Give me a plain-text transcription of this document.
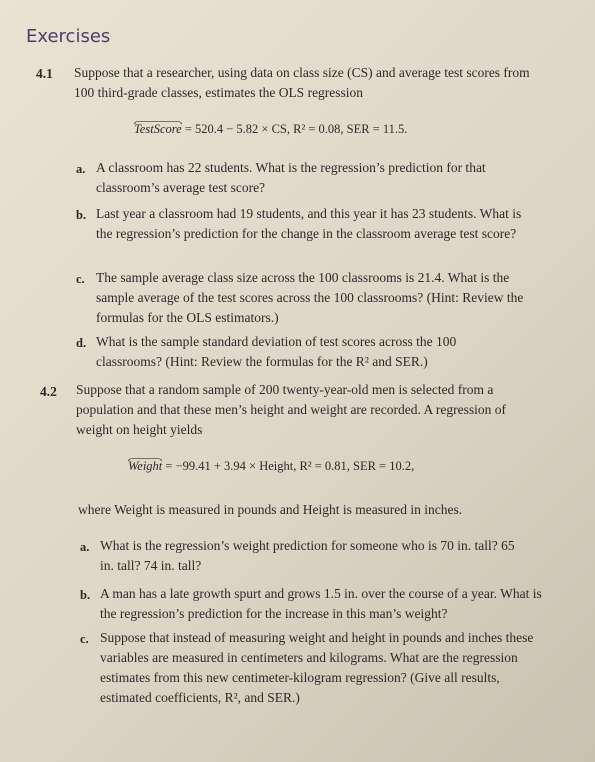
Exercises
4.1 Suppose that a researcher, using data on class size (CS) and average test scores from 100 third-grade classes, estimates the OLS regression
TestScore = 520.4 − 5.82 × CS, R² = 0.08, SER = 11.5.
a. A classroom has 22 students. What is the regression’s prediction for that classroom’s average test score?
b. Last year a classroom had 19 students, and this year it has 23 students. What is the regression’s prediction for the change in the classroom average test score?
c. The sample average class size across the 100 classrooms is 21.4. What is the sample average of the test scores across the 100 classrooms? (Hint: Review the formulas for the OLS estimators.)
d. What is the sample standard deviation of test scores across the 100 classrooms? (Hint: Review the formulas for the R² and SER.)
4.2 Suppose that a random sample of 200 twenty-year-old men is selected from a population and that these men’s height and weight are recorded. A regression of weight on height yields
Weight = −99.41 + 3.94 × Height, R² = 0.81, SER = 10.2,
where Weight is measured in pounds and Height is measured in inches.
a. What is the regression’s weight prediction for someone who is 70 in. tall? 65 in. tall? 74 in. tall?
b. A man has a late growth spurt and grows 1.5 in. over the course of a year. What is the regression’s prediction for the increase in this man’s weight?
c. Suppose that instead of measuring weight and height in pounds and inches these variables are measured in centimeters and kilograms. What are the regression estimates from this new centimeter-kilogram regression? (Give all results, estimated coefficients, R², and SER.)
